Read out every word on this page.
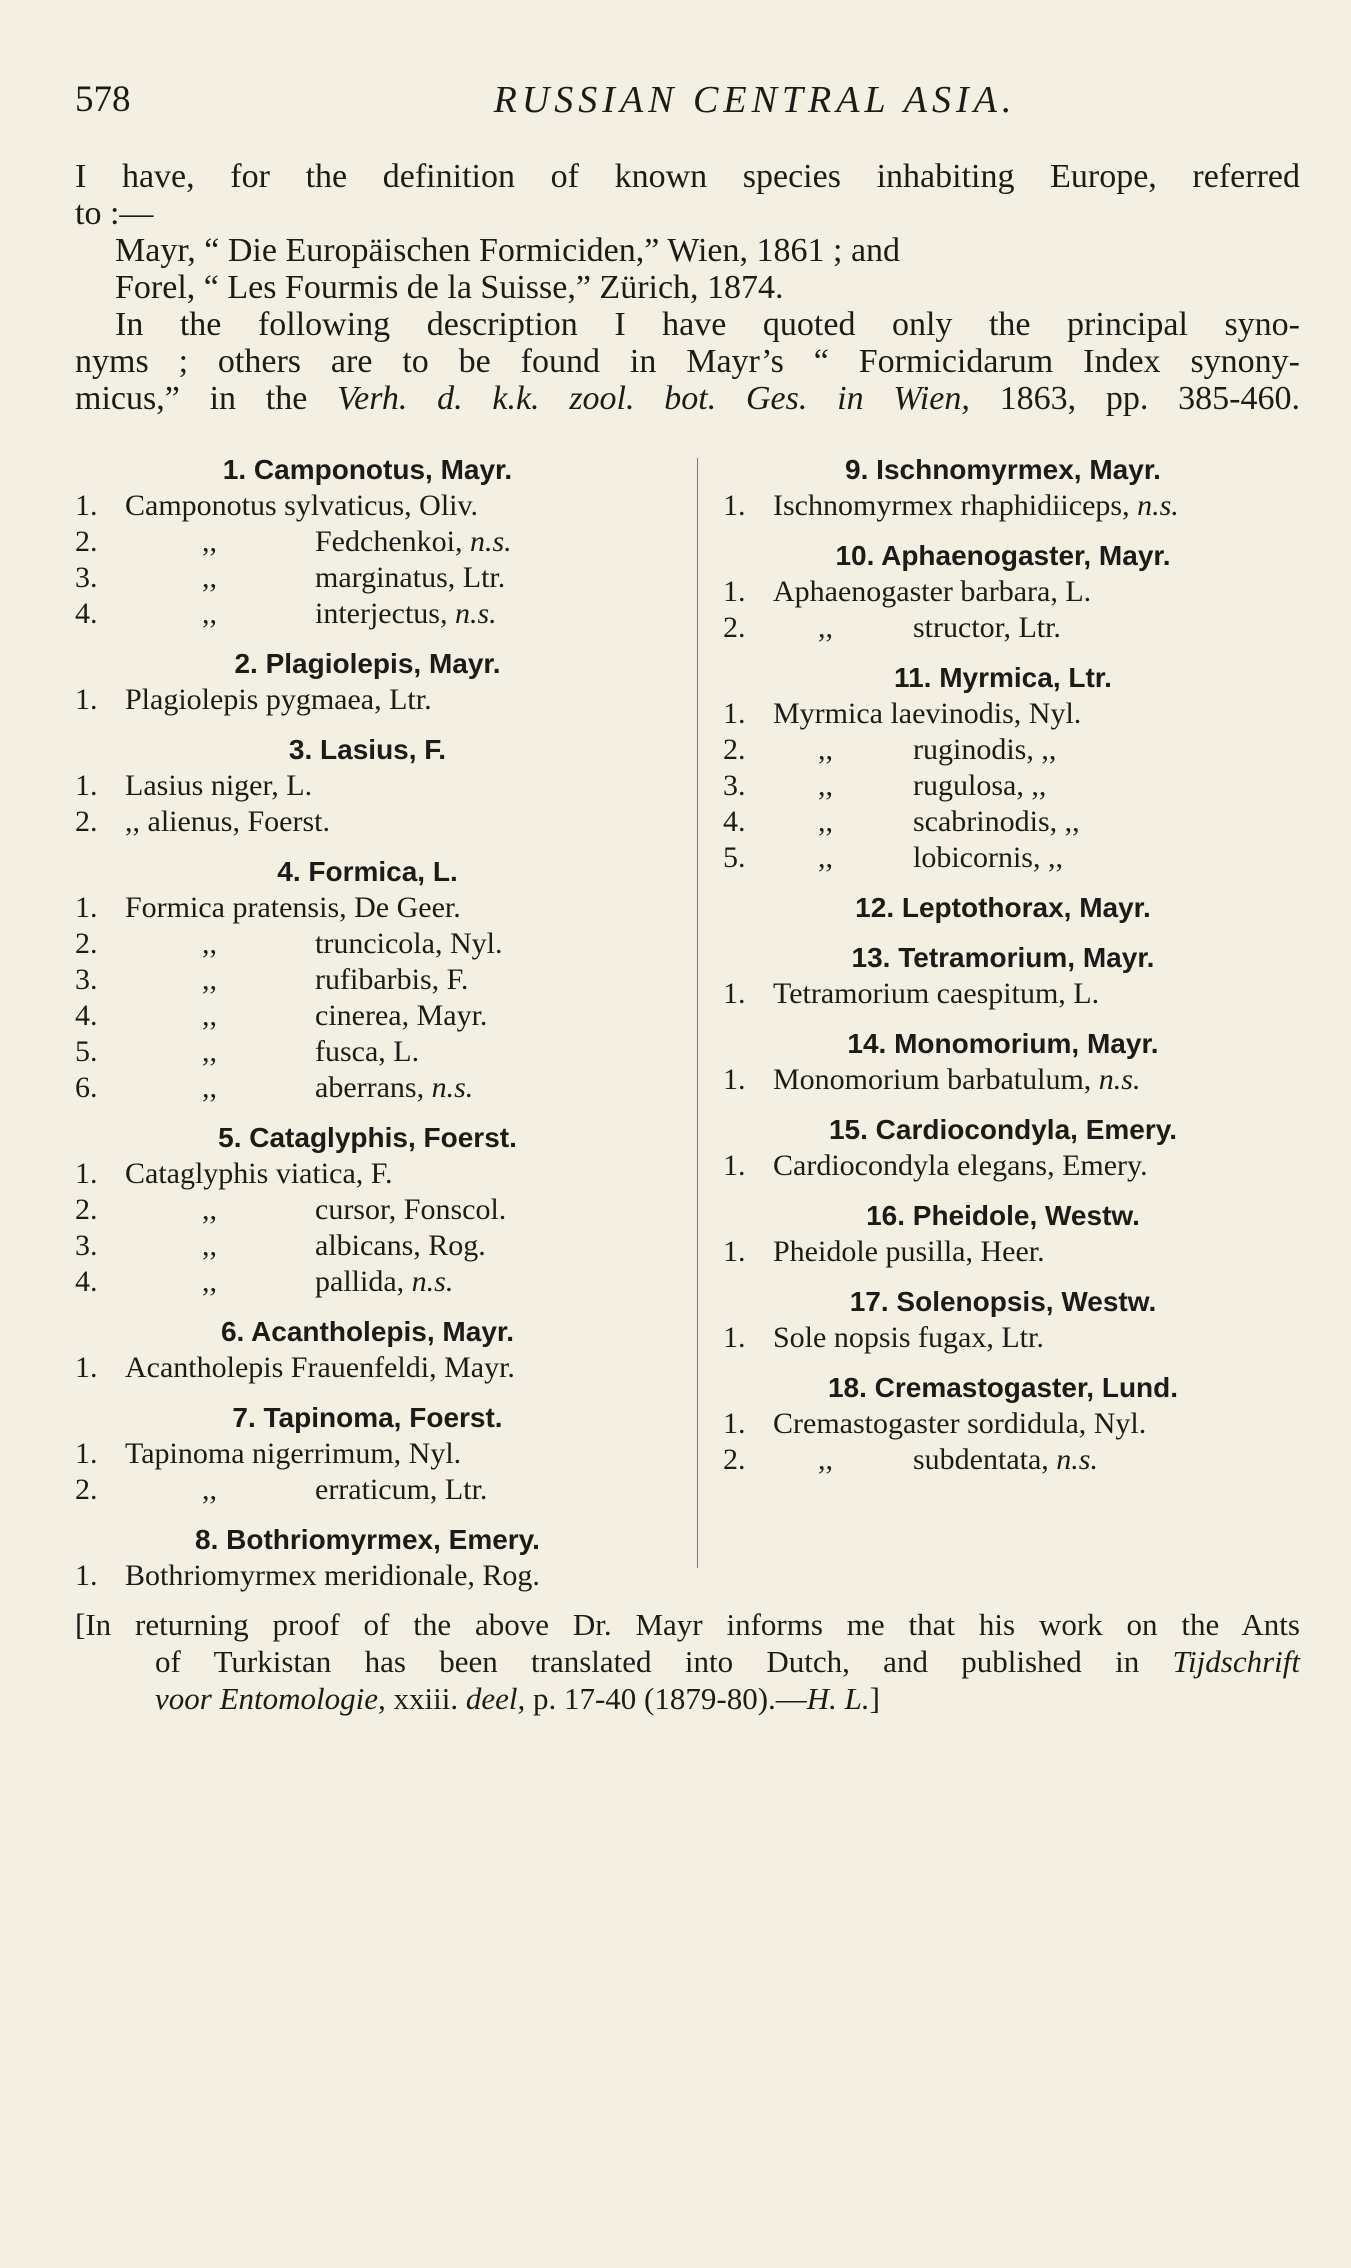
578	RUSSIAN CENTRAL ASIA.

I have, for the definition of known species inhabiting Europe, referred

to :—

Mayr, “ Die Europäischen Formiciden,” Wien, 1861 ; and

Forel, “ Les Fourmis de la Suisse,” Zürich, 1874.

In the following description I have quoted only the principal syno-

nyms ; others are to be found in Mayr’s “ Formicidarum Index synony-

micus,” in the Verh. d. k.k. zool. bot. Ges. in Wien, 1863, pp. 385-460.

1. Camponotus, Mayr.
1. Camponotus sylvaticus, Oliv.
2.	,,	Fedchenkoi, n.s.
3.	,,	marginatus, Ltr.
4.	,,	interjectus, n.s.
2. Plagiolepis, Mayr.
1. Plagiolepis pygmaea, Ltr.
3. Lasius, F.
1. Lasius niger, L.
2. ,, alienus, Foerst.
4. Formica, L.
1. Formica pratensis, De Geer.
2.	,,	truncicola, Nyl.
3.	,,	rufibarbis, F.
4.	,,	cinerea, Mayr.
5.	,,	fusca, L.
6.	,,	aberrans, n.s.
5. Cataglyphis, Foerst.
1. Cataglyphis viatica, F.
2.	,,	cursor, Fonscol.
3.	,,	albicans, Rog.
4.	,,	pallida, n.s.
6. Acantholepis, Mayr.
1. Acantholepis Frauenfeldi, Mayr.
7. Tapinoma, Foerst.
1. Tapinoma nigerrimum, Nyl.
2.	,,	erraticum, Ltr.
8. Bothriomyrmex, Emery.
1. Bothriomyrmex meridionale, Rog.
9. Ischnomyrmex, Mayr.
1. Ischnomyrmex rhaphidiiceps, n.s.
10. Aphaenogaster, Mayr.
1. Aphaenogaster barbara, L.
2.	,,	structor, Ltr.
11. Myrmica, Ltr.
1. Myrmica laevinodis, Nyl.
2.	,,	ruginodis, ,,
3.	,,	rugulosa, ,,
4.	,,	scabrinodis, ,,
5.	,,	lobicornis, ,,
12. Leptothorax, Mayr.
13. Tetramorium, Mayr.
1. Tetramorium caespitum, L.
14. Monomorium, Mayr.
1. Monomorium barbatulum, n.s.
15. Cardiocondyla, Emery.
1. Cardiocondyla elegans, Emery.
16. Pheidole, Westw.
1. Pheidole pusilla, Heer.
17. Solenopsis, Westw.
1. Sole nopsis fugax, Ltr.
18. Cremastogaster, Lund.
1. Cremastogaster sordidula, Nyl.
2.	,,	subdentata, n.s.

[In returning proof of the above Dr. Mayr informs me that his work on the Ants

of Turkistan has been translated into Dutch, and published in Tijdschrift

voor Entomologie, xxiii. deel, p. 17-40 (1879-80).—H. L.]
